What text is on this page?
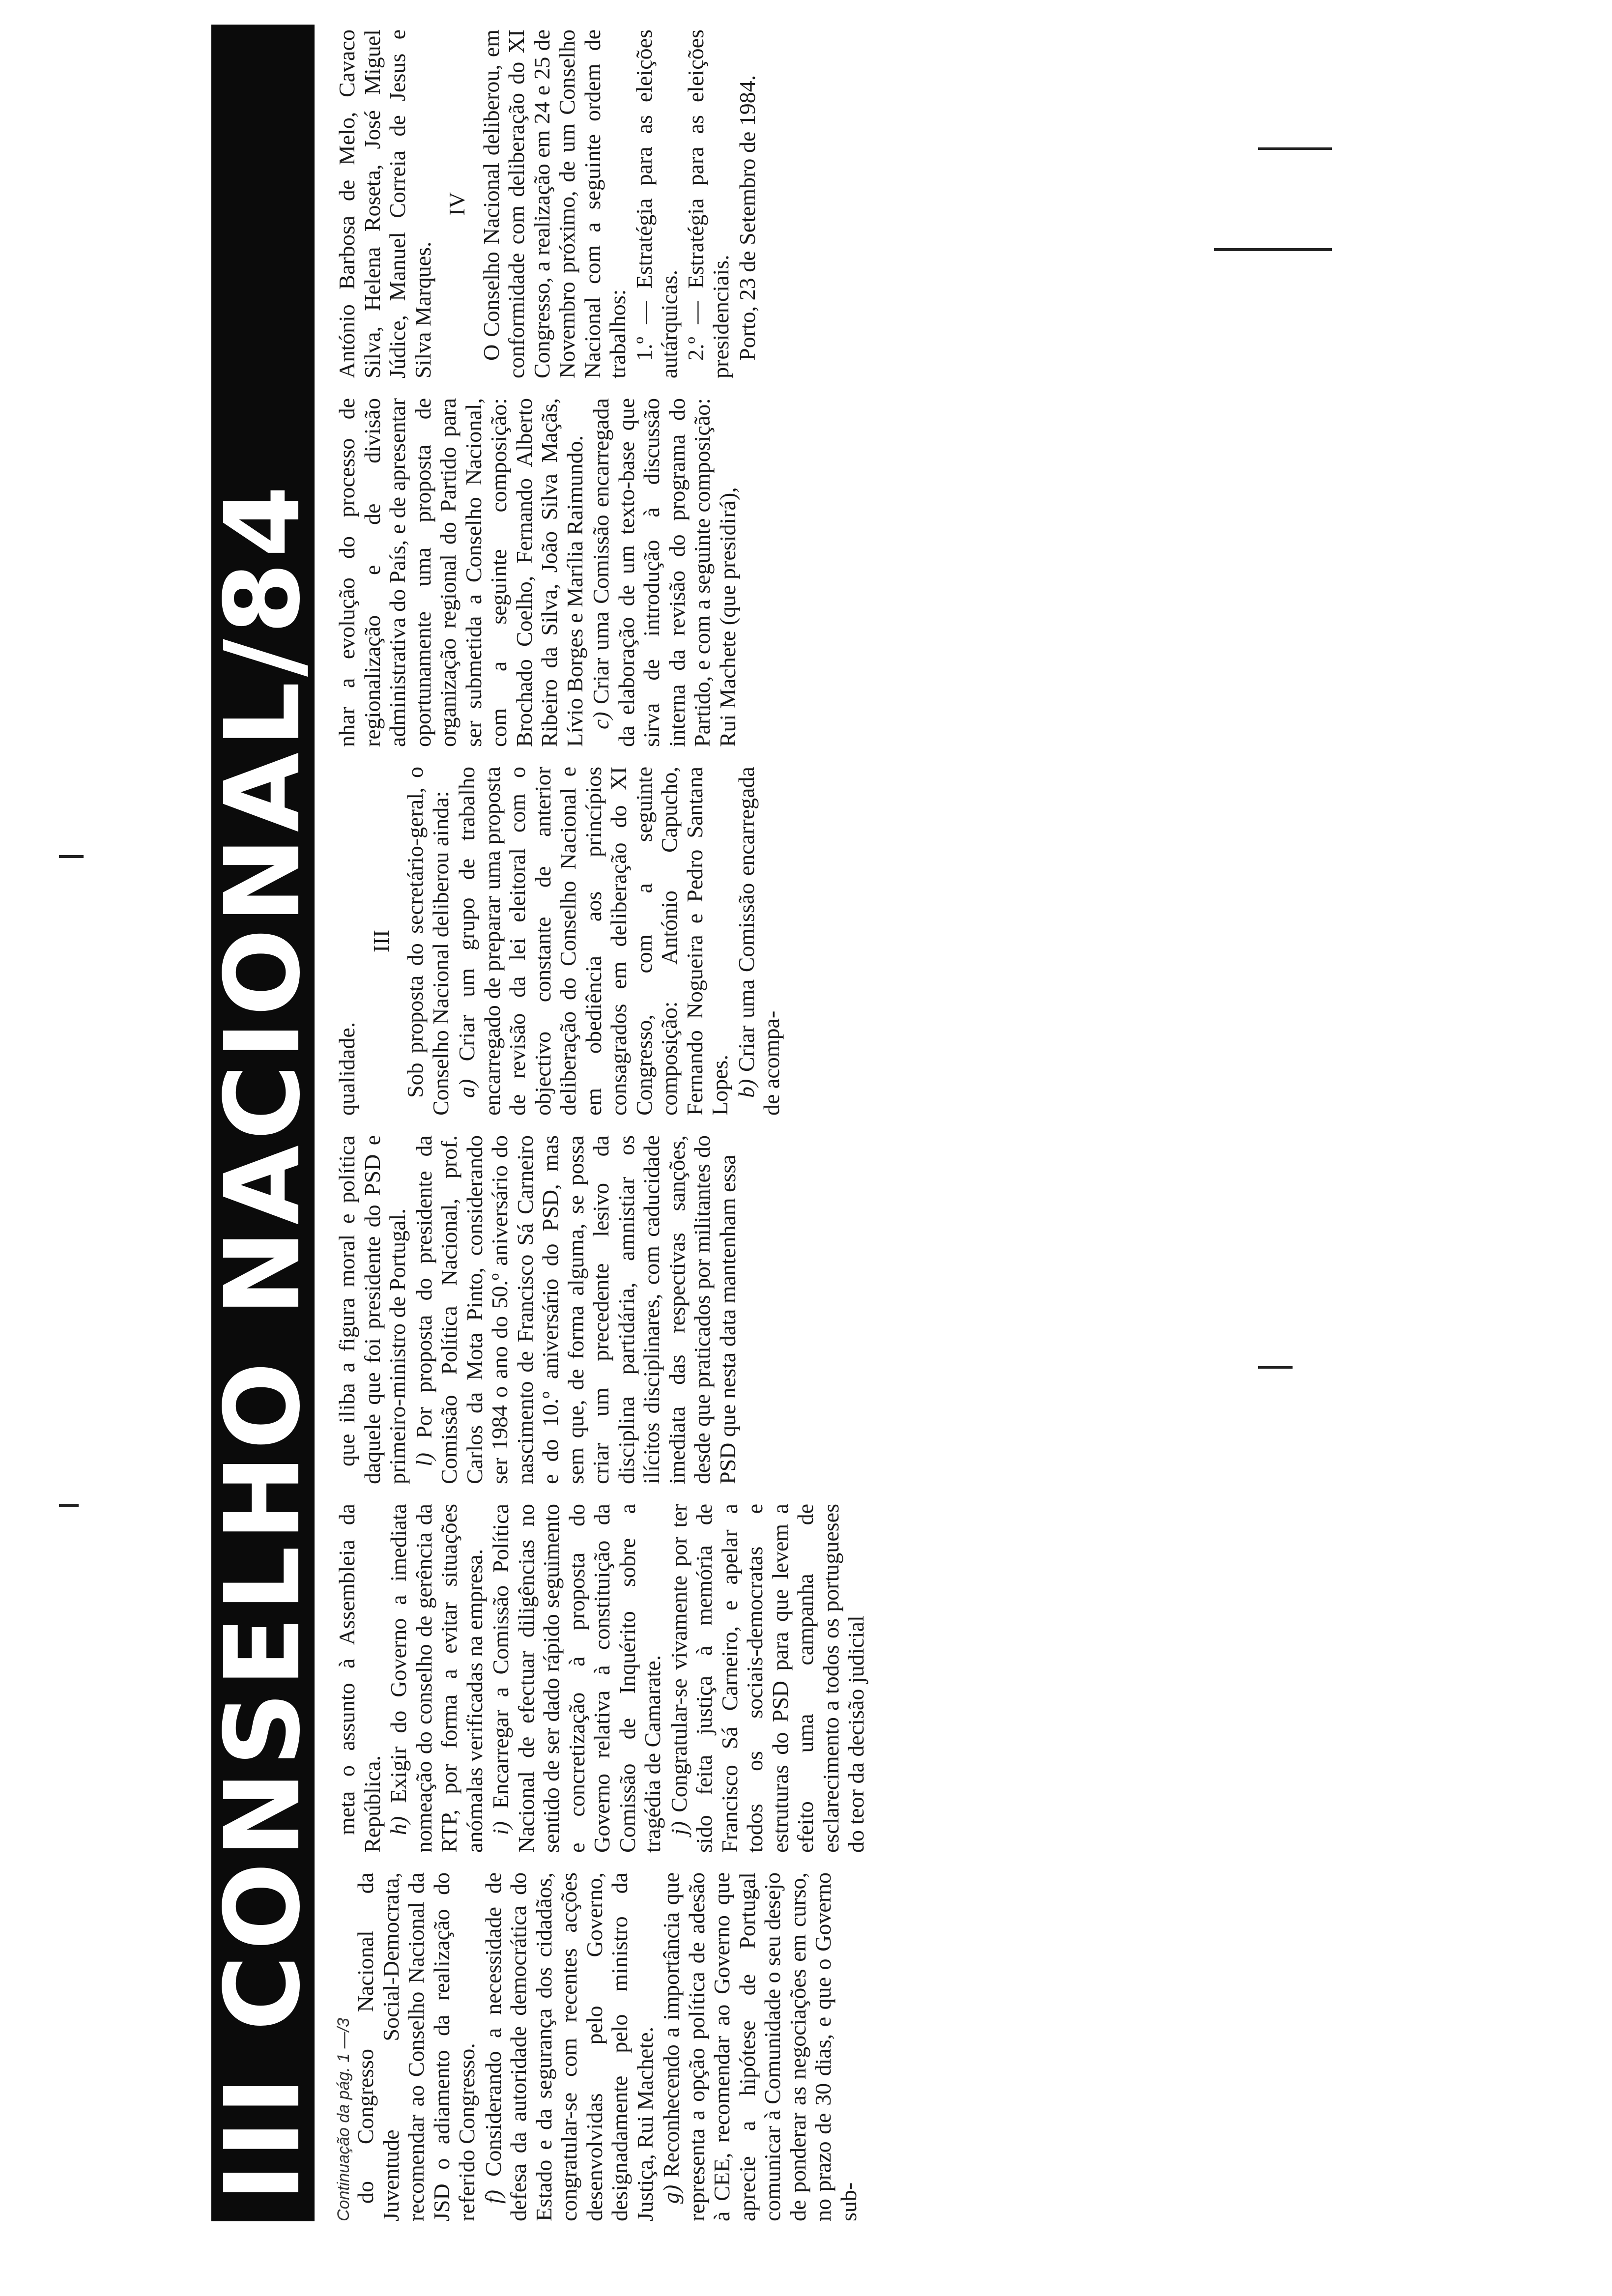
III CONSELHO NACIONAL/84 Continuação da pág. 1 —/3 do Congresso Nacional da Juventude Social-Democrata, recomendar ao Conselho Nacional da JSD o adiamento da realização do referido Congresso. f) Considerando a necessidade de defesa da autoridade democrática do Estado e da segurança dos cidadãos, congratular-se com recentes acções desenvolvidas pelo Governo, designadamente pelo ministro da Justiça, Rui Machete. g) Reconhecendo a importância que representa a opção política de adesão à CEE, recomendar ao Governo que aprecie a hipótese de Portugal comunicar à Comunidade o seu desejo de ponderar as negociações em curso, no prazo de 30 dias, e que o Governo sub-

meta o assunto à Assembleia da República. h) Exigir do Governo a imediata nomeação do conselho de gerência da RTP, por forma a evitar situações anómalas verificadas na empresa. i) Encarregar a Comissão Política Nacional de efectuar diligências no sentido de ser dado rápido seguimento e concretização à proposta do Governo relativa à constituição da Comissão de Inquérito sobre a tragédia de Camarate. j) Congratular-se vivamente por ter sido feita justiça à memória de Francisco Sá Carneiro, e apelar a todos os sociais-democratas e estruturas do PSD para que levem a efeito uma campanha de esclarecimento a todos os portugueses do teor da decisão judicial

que iliba a figura moral e política daquele que foi presidente do PSD e primeiro-ministro de Portugal. l) Por proposta do presidente da Comissão Política Nacional, prof. Carlos da Mota Pinto, considerando ser 1984 o ano do 50.º aniversário do nascimento de Francisco Sá Carneiro e do 10.º aniversário do PSD, mas sem que, de forma alguma, se possa criar um precedente lesivo da disciplina partidária, amnistiar os ilícitos disciplinares, com caducidade imediata das respectivas sanções, desde que praticados por militantes do PSD que nesta data mantenham essa

qualidade.

III Sob proposta do secretário-geral, o Conselho Nacional deliberou ainda: a) Criar um grupo de trabalho encarregado de preparar uma proposta de revisão da lei eleitoral com o objectivo constante de anterior deliberação do Conselho Nacional e em obediência aos princípios consagrados em deliberação do XI Congresso, com a seguinte composição: António Capucho, Fernando Nogueira e Pedro Santana Lopes. b) Criar uma Comissão encarregada de acompa-

nhar a evolução do processo de regionalização e de divisão administrativa do País, e de apresentar oportunamente uma proposta de organização regional do Partido para ser submetida a Conselho Nacional, com a seguinte composição: Brochado Coelho, Fernando Alberto Ribeiro da Silva, João Silva Maçãs, Lívio Borges e Marília Raimundo. c) Criar uma Comissão encarregada da elaboração de um texto-base que sirva de introdução à discussão interna da revisão do programa do Partido, e com a seguinte composição: Rui Machete (que presidirá),

António Barbosa de Melo, Cavaco Silva, Helena Roseta, José Miguel Júdice, Manuel Correia de Jesus e Silva Marques.

IV O Conselho Nacional deliberou, em conformidade com deliberação do XI Congresso, a realização em 24 e 25 de Novembro próximo, de um Conselho Nacional com a seguinte ordem de trabalhos: 1.º — Estratégia para as eleições autárquicas. 2.º — Estratégia para as eleições presidenciais. Porto, 23 de Setembro de 1984.
